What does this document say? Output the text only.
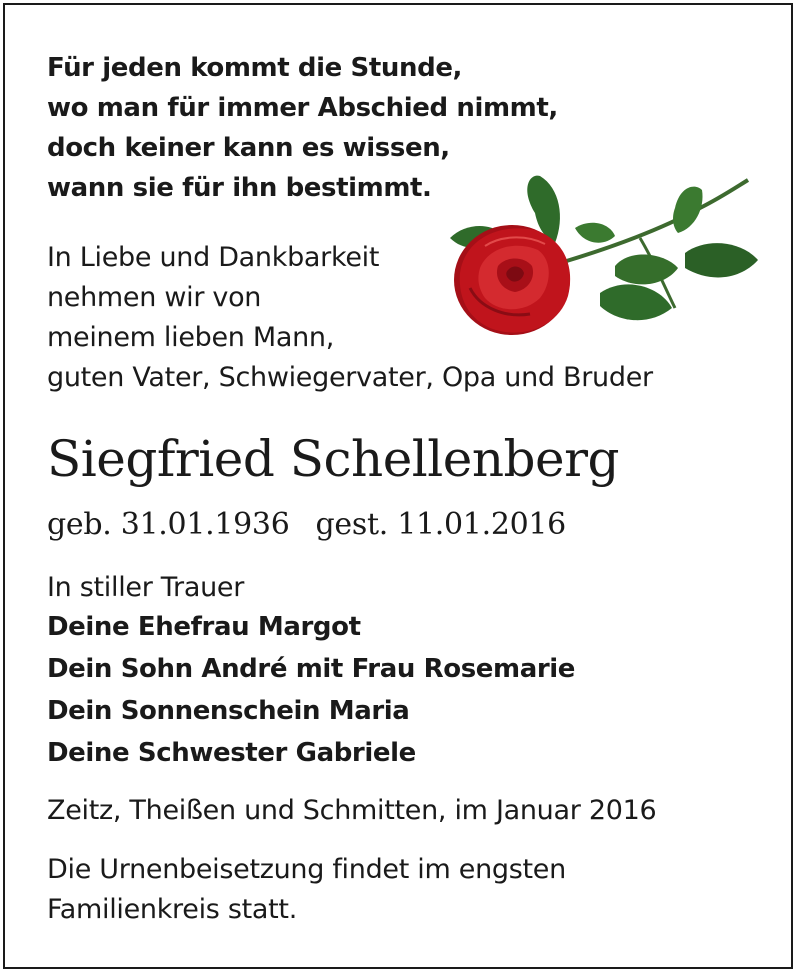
Für jeden kommt die Stunde,
wo man für immer Abschied nimmt,
doch keiner kann es wissen,
wann sie für ihn bestimmt.
In Liebe und Dankbarkeit
nehmen wir von
meinem lieben Mann,
guten Vater, Schwiegervater, Opa und Bruder
Siegfried Schellenberg
geb. 31.01.1936 gest. 11.01.2016
In stiller Trauer
Deine Ehefrau Margot
Dein Sohn André mit Frau Rosemarie
Dein Sonnenschein Maria
Deine Schwester Gabriele
Zeitz, Theißen und Schmitten, im Januar 2016
Die Urnenbeisetzung findet im engsten
Familienkreis statt.
